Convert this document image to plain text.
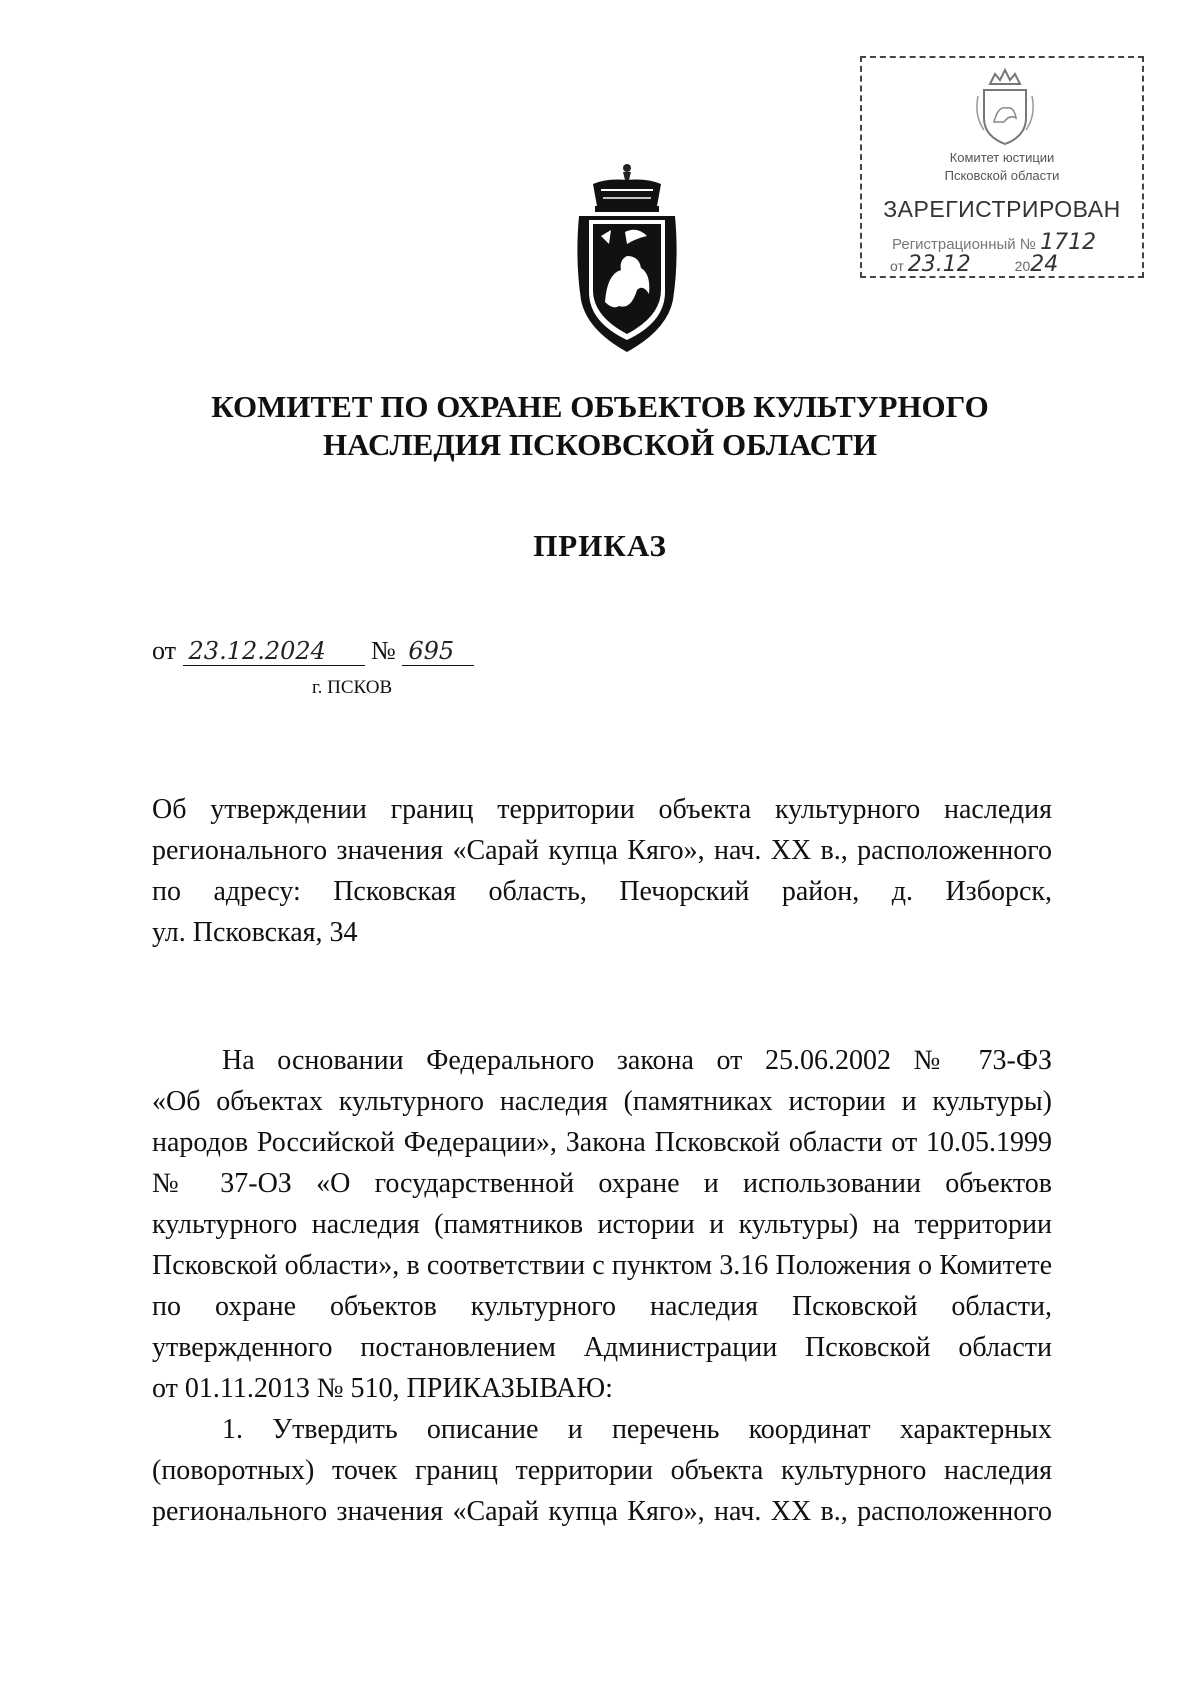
Комитет юстиции
Псковской области
ЗАРЕГИСТРИРОВАН
Регистрационный № 1712
от 23.12	2024
КОМИТЕТ ПО ОХРАНЕ ОБЪЕКТОВ КУЛЬТУРНОГО
НАСЛЕДИЯ ПСКОВСКОЙ ОБЛАСТИ
ПРИКАЗ
от 23.12.2024 № 695
г. ПСКОВ
Об утверждении границ территории объекта культурного наследия
регионального значения «Сарай купца Кяго», нач. XX в., расположенного
по адресу: Псковская область, Печорский район, д. Изборск,
ул. Псковская, 34
На основании Федерального закона от 25.06.2002 № 73-ФЗ
«Об объектах культурного наследия (памятниках истории и культуры)
народов Российской Федерации», Закона Псковской области от 10.05.1999
№ 37-ОЗ «О государственной охране и использовании объектов
культурного наследия (памятников истории и культуры) на территории
Псковской области», в соответствии с пунктом 3.16 Положения о Комитете
по охране объектов культурного наследия Псковской области,
утвержденного постановлением Администрации Псковской области
от 01.11.2013 № 510, ПРИКАЗЫВАЮ:
1. Утвердить описание и перечень координат характерных
(поворотных) точек границ территории объекта культурного наследия
регионального значения «Сарай купца Кяго», нач. XX в., расположенного
